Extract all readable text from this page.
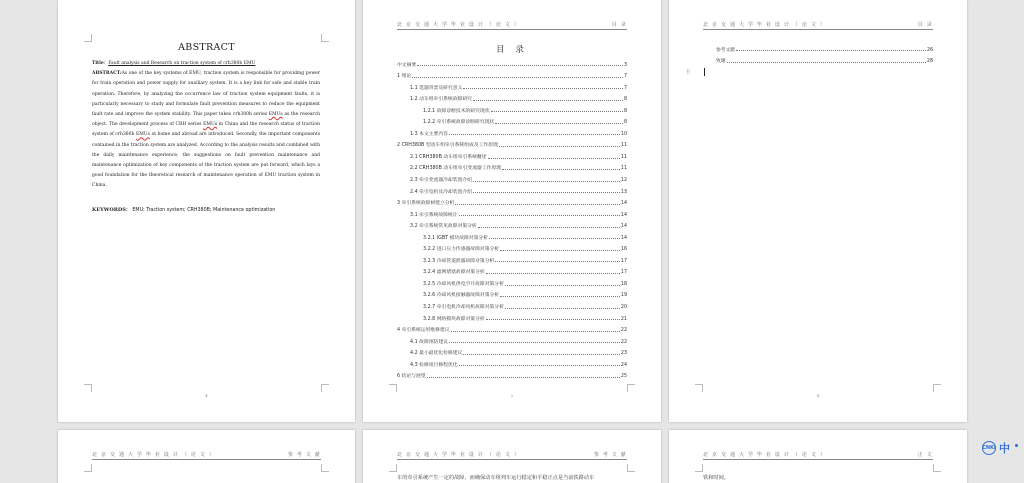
ABSTRACT
Title：Fault analysis and Research on traction system of crh380b EMU
ABSTRACT:As one of the key systems of EMU, traction system is responsible for providing power for train operation and power supply for auxiliary system. It is a key link for safe and stable train operation. Therefore, by analyzing the occurrence law of traction system equipment faults, it is particularly necessary to study and formulate fault prevention measures to reduce the equipment fault rate and improve the system stability. This paper takes crh380b series EMUs as the research object. The development process of CRH series EMUs in China and the research status of traction system of crh380b EMUs at home and abroad are introduced. Secondly, the important components contained in the traction system are analyzed. According to the analysis results and combined with the daily maintenance experience, the suggestions on fault prevention maintenance and maintenance optimization of key components of the traction system are put forward, which lays a good foundation for the theoretical research of maintenance operation of EMU traction system in China.
KEYWORDS： EMU; Traction system; CRH380B; Maintenance optimization
4
北 京 交 通 大 学 毕 业 设 计 （ 论 文 ）	目 录
目 录
中文摘要	3
1 绪论	7
1.1 选题背景及研究意义	7
1.2 动车组牵引系统故障研究	8
1.2.1 故障诊断技术的研究现状	8
1.2.2 牵引系统故障诊断研究现状	8
1.3 本文主要内容	10
2 CRH380B 型动车组牵引系统组成及工作原理	11
2.1 CRH380B 动车组牵引系统概述	11
2.2 CRH380B 动车组牵引变流器工作原理	11
2.3 牵引变流器冷却装置介绍	12
2.4 牵引电机及冷却装置介绍	13
3 牵引系统故障树建立分析	14
3.1 牵引系统故障统计	14
3.2 牵引系统常见故障对策分析	14
3.2.1 IGBT 模块故障对策分析	14
3.2.2 进口压力传感器故障对策分析	16
3.2.3 冷却管道泄露故障对策分析	17
3.2.4 滤网堵塞故障对策分析	17
3.2.5 冷却风机供电空开故障对策分析	18
3.2.6 冷却风机接触器故障对策分析	19
3.2.7 牵引电机冷却风机故障对策分析	20
3.2.8 网络模块故障对策分析	21
4 牵引系统运用维修建议	22
4.1 故障预防建议	22
4.2 最小最优化检修建议	23
4.3 检修项目修程优化	24
6 结论与展望	25
2
北 京 交 通 大 学 毕 业 设 计 （ 论 文 ）	目 录
参考文献	26
致谢	28
⠿
4
北 京 交 通 大 学 毕 业 设 计 （ 论 文 ）	参 考 文 献	北 京 交 通 大 学 毕 业 设 计 （ 论 文 ）	参 考 文 献
车的牵引系统产生一定的故障，而确保动车组列车运行稳定和平稳正点是当前铁路动车
北 京 交 通 大 学 毕 业 设 计 （ 论 文 ）	正 文
铁和时间。
CNKI 中
